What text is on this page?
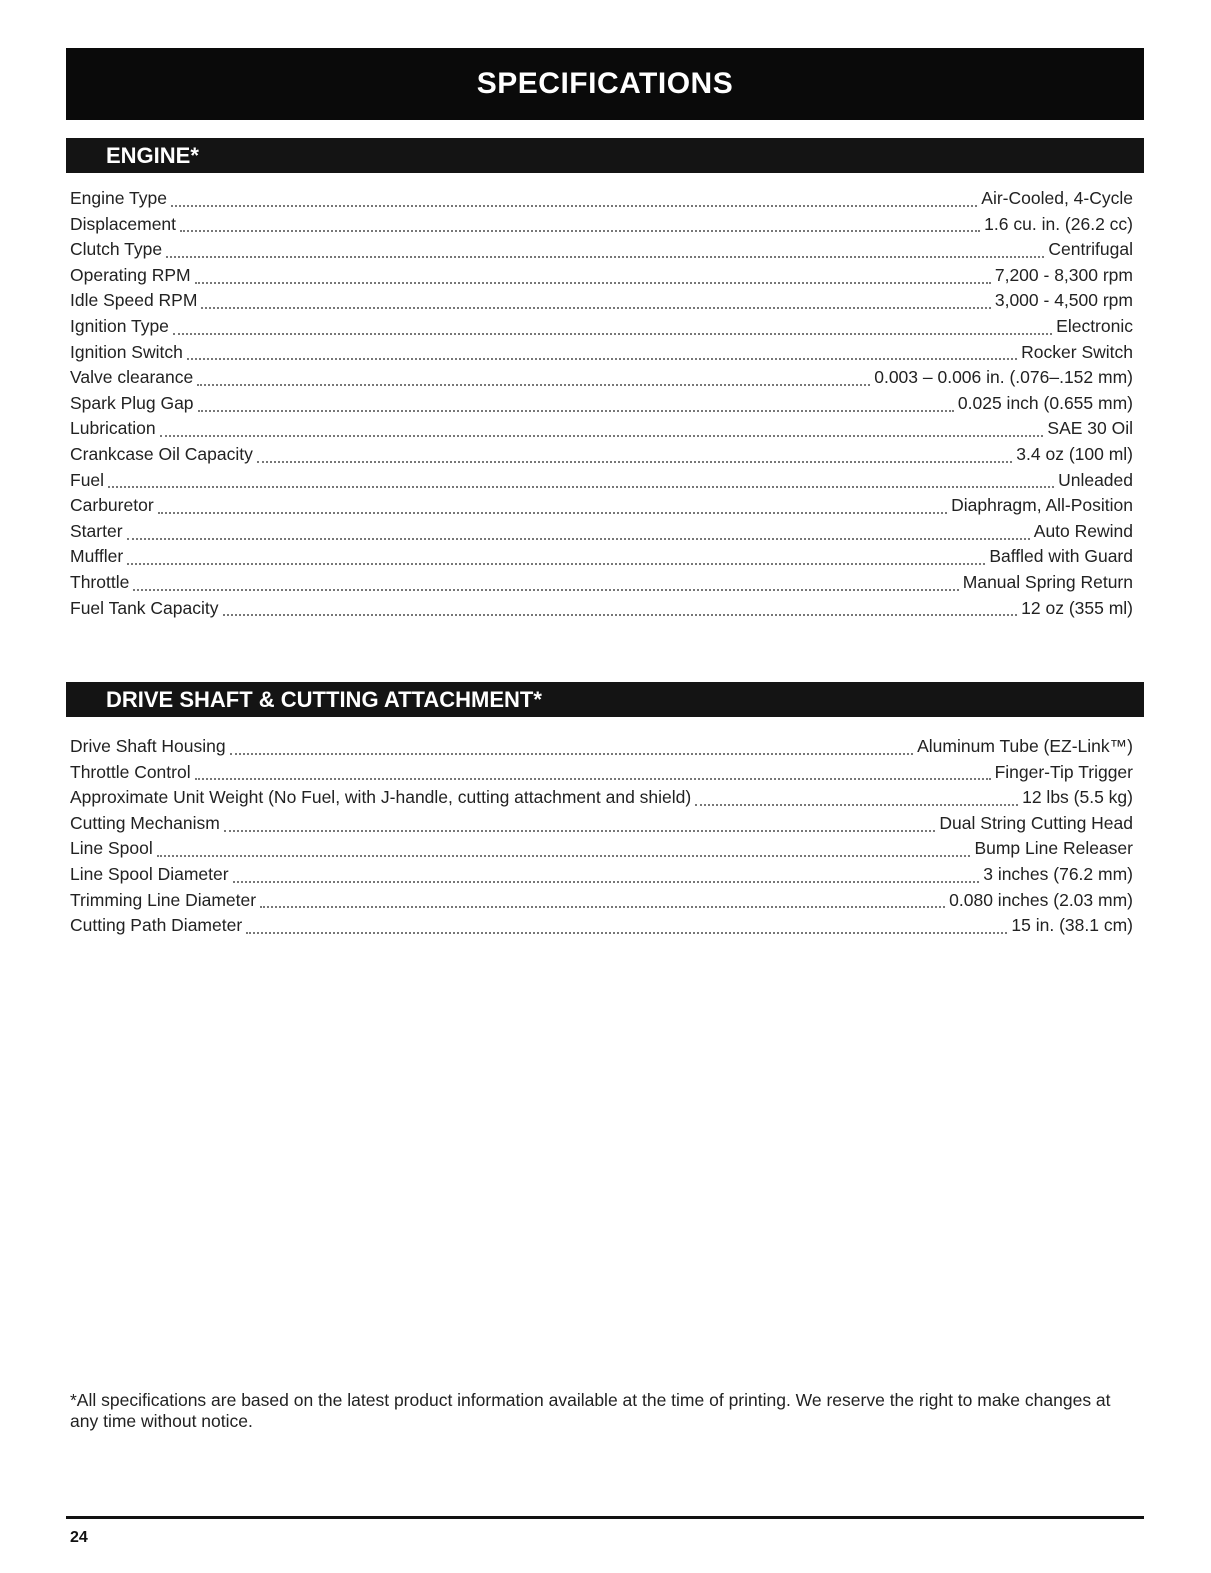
SPECIFICATIONS
ENGINE*
Engine Type	Air-Cooled, 4-Cycle
Displacement	1.6 cu. in. (26.2 cc)
Clutch Type	Centrifugal
Operating RPM	7,200 - 8,300 rpm
Idle Speed RPM	3,000 - 4,500 rpm
Ignition Type	Electronic
Ignition Switch	Rocker Switch
Valve clearance	0.003 – 0.006 in. (.076–.152 mm)
Spark Plug Gap	0.025 inch (0.655 mm)
Lubrication	SAE 30 Oil
Crankcase Oil Capacity	3.4 oz (100 ml)
Fuel	Unleaded
Carburetor	Diaphragm, All-Position
Starter	Auto Rewind
Muffler	Baffled with Guard
Throttle	Manual Spring Return
Fuel Tank Capacity	12 oz (355 ml)
DRIVE SHAFT & CUTTING ATTACHMENT*
Drive Shaft Housing	Aluminum Tube (EZ-Link™)
Throttle Control	Finger-Tip Trigger
Approximate Unit Weight (No Fuel, with J-handle, cutting attachment and shield)	12 lbs (5.5 kg)
Cutting Mechanism	Dual String Cutting Head
Line Spool	Bump Line Releaser
Line Spool Diameter	3 inches (76.2 mm)
Trimming Line Diameter	0.080 inches (2.03 mm)
Cutting Path Diameter	15 in. (38.1 cm)
*All specifications are based on the latest product information available at the time of printing. We reserve the right to make changes at any time without notice.
24
